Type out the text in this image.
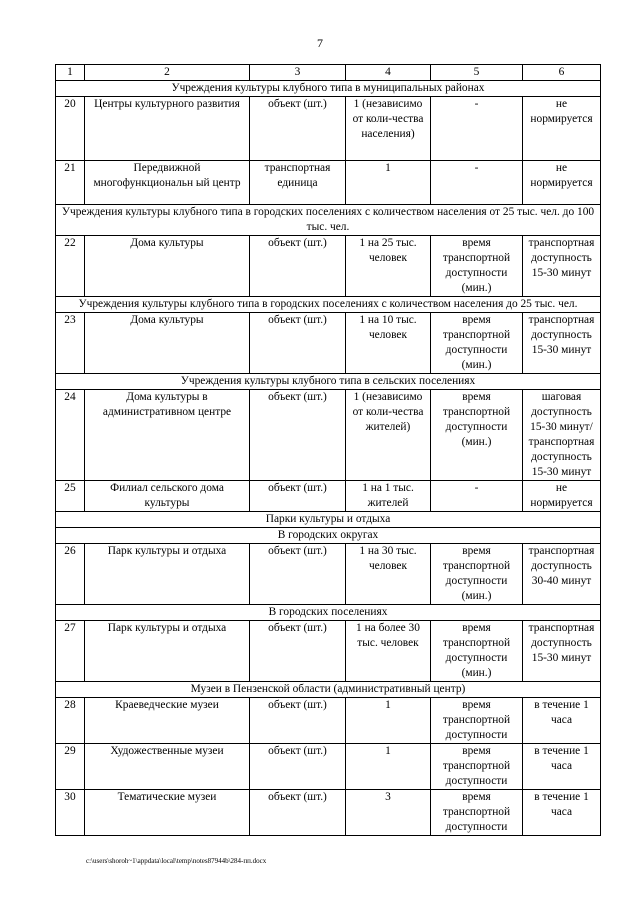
7
1	2	3	4	5	6
Учреждения культуры клубного типа в муниципальных районах					
20	Центры культурного развития	объект (шт.)	1 (независимо от коли-чества населения)	-	не нормируется
21	Передвижной многофункциональн ый центр	транспортная единица	1	-	не нормируется
Учреждения культуры клубного типа в городских поселениях с количеством населения от 25 тыс. чел. до 100 тыс. чел.					
22	Дома культуры	объект (шт.)	1 на 25 тыс. человек	время транспортной доступности (мин.)	транспортная доступность 15-30 минут
Учреждения культуры клубного типа в городских поселениях с количеством населения до 25 тыс. чел.					
23	Дома культуры	объект (шт.)	1 на 10 тыс. человек	время транспортной доступности (мин.)	транспортная доступность 15-30 минут
Учреждения культуры клубного типа в сельских поселениях					
24	Дома культуры в административном центре	объект (шт.)	1 (независимо от коли-чества жителей)	время транспортной доступности (мин.)	шаговая доступность 15-30 минут/ транспортная доступность 15-30 минут
25	Филиал сельского дома культуры	объект (шт.)	1 на 1 тыс. жителей	-	не нормируется
Парки культуры и отдыха					
В городских округах					
26	Парк культуры и отдыха	объект (шт.)	1 на 30 тыс. человек	время транспортной доступности (мин.)	транспортная доступность 30-40 минут
В городских поселениях					
27	Парк культуры и отдыха	объект (шт.)	1 на более 30 тыс. человек	время транспортной доступности (мин.)	транспортная доступность 15-30 минут
Музеи в Пензенской области (административный центр)					
28	Краеведческие музеи	объект (шт.)	1	время транспортной доступности	в течение 1 часа
29	Художественные музеи	объект (шт.)	1	время транспортной доступности	в течение 1 часа
30	Тематические музеи	объект (шт.)	3	время транспортной доступности	в течение 1 часа
c:\users\shoroh~1\appdata\local\temp\notes87944b\284-пп.docx
